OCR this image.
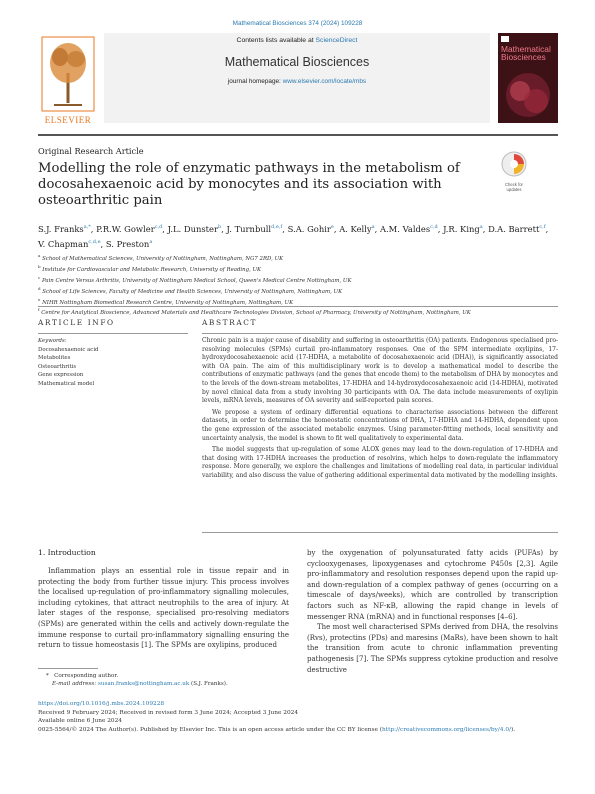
Mathematical Biosciences 374 (2024) 109228
ELSEVIER
Contents lists available at ScienceDirect
Mathematical Biosciences
journal homepage: www.elsevier.com/locate/mbs
Mathematical Biosciences
Original Research Article
Modelling the role of enzymatic pathways in the metabolism of docosahexaenoic acid by monocytes and its association with osteoarthritic pain
Check for updates
S.J. Franks$^{a,*}$, P.R.W. Gowler$^{c,d}$, J.L. Dunster$^b$, J. Turnbull$^{d,e,f}$, S.A. Gohir$^e$, A. Kelly$^a$, A.M. Valdes$^{c,d}$, J.R. King$^a$, D.A. Barrett$^{c,f}$, V. Chapman$^{c,d,e}$, S. Preston$^a$
$^a$ School of Mathematical Sciences, University of Nottingham, Nottingham, NG7 2RD, UK
$^b$ Institute for Cardiovascular and Metabolic Research, University of Reading, UK
$^c$ Pain Centre Versus Arthritis, University of Nottingham Medical School, Queen's Medical Centre Nottingham, UK
$^d$ School of Life Sciences, Faculty of Medicine and Health Sciences, University of Nottingham, Nottingham, UK
$^e$ NIHR Nottingham Biomedical Research Centre, University of Nottingham, Nottingham, UK
$^f$ Centre for Analytical Bioscience, Advanced Materials and Healthcare Technologies Division, School of Pharmacy, University of Nottingham, Nottingham, UK
ARTICLE INFO
Keywords:
Docosahexaenoic acid
Metabolites
Osteoarthritis
Gene expression
Mathematical model
ABSTRACT

Chronic pain is a major cause of disability and suffering in osteoarthritis (OA) patients. Endogenous specialised pro-resolving molecules (SPMs) curtail pro-inflammatory responses. One of the SPM intermediate oxylipins, 17-hydroxydocosahexaenoic acid (17-HDHA, a metabolite of docosahexaenoic acid (DHA)), is significantly associated with OA pain. The aim of this multidisciplinary work is to develop a mathematical model to describe the contributions of enzymatic pathways (and the genes that encode them) to the metabolism of DHA by monocytes and to the levels of the down-stream metabolites, 17-HDHA and 14-hydroxydocosahexaenoic acid (14-HDHA), motivated by novel clinical data from a study involving 30 participants with OA. The data include measurements of oxylipin levels, mRNA levels, measures of OA severity and self-reported pain scores.

We propose a system of ordinary differential equations to characterise associations between the different datasets, in order to determine the homeostatic concentrations of DHA, 17-HDHA and 14-HDHA, dependent upon the gene expression of the associated metabolic enzymes. Using parameter-fitting methods, local sensitivity and uncertainty analysis, the model is shown to fit well qualitatively to experimental data.

The model suggests that up-regulation of some ALOX genes may lead to the down-regulation of 17-HDHA and that dosing with 17-HDHA increases the production of resolvins, which helps to down-regulate the inflammatory response. More generally, we explore the challenges and limitations of modelling real data, in particular individual variability, and also discuss the value of gathering additional experimental data motivated by the modelling insights.

1. Introduction

Inflammation plays an essential role in tissue repair and in protecting the body from further tissue injury. This process involves the localised up-regulation of pro-inflammatory signalling molecules, including cytokines, that attract neutrophils to the area of injury. At later stages of the response, specialised pro-resolving mediators (SPMs) are generated within the cells and actively down-regulate the immune response to curtail pro-inflammatory signalling ensuring the return to tissue homeostasis [1]. The SPMs are oxylipins, produced

by the oxygenation of polyunsaturated fatty acids (PUFAs) by cyclooxygenases, lipoxygenases and cytochrome P450s [2,3]. Agile pro-inflammatory and resolution responses depend upon the rapid up- and down-regulation of a complex pathway of genes (occurring on a timescale of days/weeks), which are controlled by transcription factors such as NF-κB, allowing the rapid change in levels of messenger RNA (mRNA) and in functional responses [4–6].

The most well characterised SPMs derived from DHA, the resolvins (Rvs), protectins (PDs) and maresins (MaRs), have been shown to halt the transition from acute to chronic inflammation preventing pathogenesis [7]. The SPMs suppress cytokine production and resolve destructive

* Corresponding author.
E-mail address: susan.franks@nottingham.ac.uk (S.J. Franks).
https://doi.org/10.1016/j.mbs.2024.109228
Received 9 February 2024; Received in revised form 3 June 2024; Accepted 3 June 2024
Available online 6 June 2024
0025-5564/© 2024 The Author(s). Published by Elsevier Inc. This is an open access article under the CC BY license (http://creativecommons.org/licenses/by/4.0/).
